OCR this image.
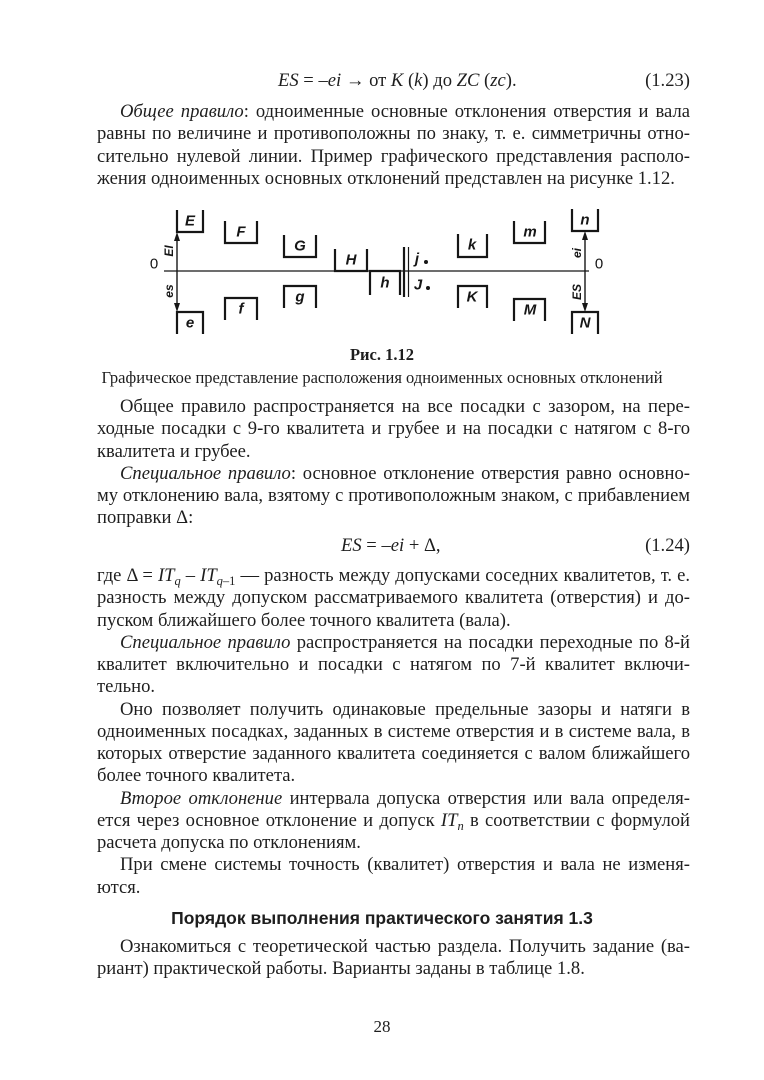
ES = –ei → от K (k) до ZC (zc).	(1.23)
Общее правило: одноименные основные отклонения отверстия и вала
равны по величине и противоположны по знаку, т. е. симметричны отно-
сительно нулевой линии. Пример графического представления располо-
жения одноименных основных отклонений представлен на рисунке 1.12.
0	0
EI
es
ei
ES
E
F
G
H
e
f
g
h
j
J
k
m
n
K
M
N
Рис. 1.12
Графическое представление расположения одноименных основных отклонений
Общее правило распространяется на все посадки с зазором, на пере-
ходные посадки с 9-го квалитета и грубее и на посадки с натягом с 8-го
квалитета и грубее.
Специальное правило: основное отклонение отверстия равно основно-
му отклонению вала, взятому с противоположным знаком, с прибавлением
поправки Δ:
ES = –ei + Δ,	(1.24)
где $\Delta = IT_q - IT_{q-1}$ — разность между допусками соседних квалитетов, т. е.
разность между допуском рассматриваемого квалитета (отверстия) и до-
пуском ближайшего более точного квалитета (вала).
Специальное правило распространяется на посадки переходные по 8-й
квалитет включительно и посадки с натягом по 7-й квалитет включи-
тельно.
Оно позволяет получить одинаковые предельные зазоры и натяги в
одноименных посадках, заданных в системе отверстия и в системе вала, в
которых отверстие заданного квалитета соединяется с валом ближайшего
более точного квалитета.
Второе отклонение интервала допуска отверстия или вала определя-
ется через основное отклонение и допуск $IT_n$ в соответствии с формулой
расчета допуска по отклонениям.
При смене системы точность (квалитет) отверстия и вала не изменя-
ются.
Порядок выполнения практического занятия 1.3
Ознакомиться с теоретической частью раздела. Получить задание (ва-
риант) практической работы. Варианты заданы в таблице 1.8.
28
